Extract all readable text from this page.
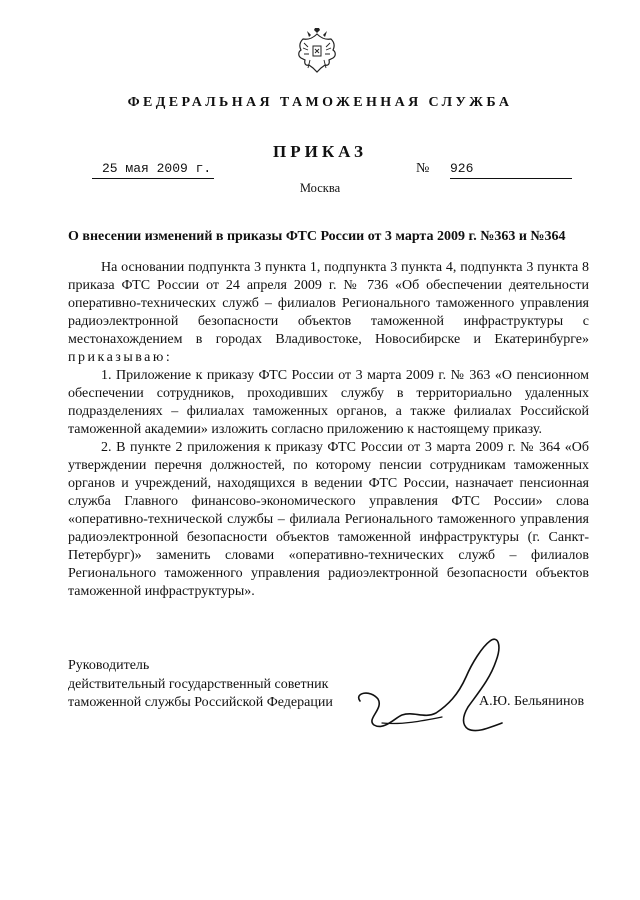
ФЕДЕРАЛЬНАЯ ТАМОЖЕННАЯ СЛУЖБА
ПРИКАЗ
25 мая 2009 г.	№ 926
Москва
О внесении изменений в приказы ФТС России от 3 марта 2009 г. №363 и №364

На основании подпункта 3 пункта 1, подпункта 3 пункта 4, подпункта 3 пункта 8 приказа ФТС России от 24 апреля 2009 г. № 736 «Об обеспечении деятельности оперативно-технических служб – филиалов Регионального таможенного управления радиоэлектронной безопасности объектов таможенной инфраструктуры с местонахождением в городах Владивостоке, Новосибирске и Екатеринбурге» приказываю:

1. Приложение к приказу ФТС России от 3 марта 2009 г. № 363 «О пенсионном обеспечении сотрудников, проходивших службу в территориально удаленных подразделениях – филиалах таможенных органов, а также филиалах Российской таможенной академии» изложить согласно приложению к настоящему приказу.

2. В пункте 2 приложения к приказу ФТС России от 3 марта 2009 г. № 364 «Об утверждении перечня должностей, по которому пенсии сотрудникам таможенных органов и учреждений, находящихся в ведении ФТС России, назначает пенсионная служба Главного финансово-экономического управления ФТС России» слова «оперативно-технической службы – филиала Регионального таможенного управления радиоэлектронной безопасности объектов таможенной инфраструктуры (г. Санкт-Петербург)» заменить словами «оперативно-технических служб – филиалов Регионального таможенного управления радиоэлектронной безопасности объектов таможенной инфраструктуры».

Руководитель
действительный государственный советник
таможенной службы Российской Федерации	А.Ю. Бельянинов
